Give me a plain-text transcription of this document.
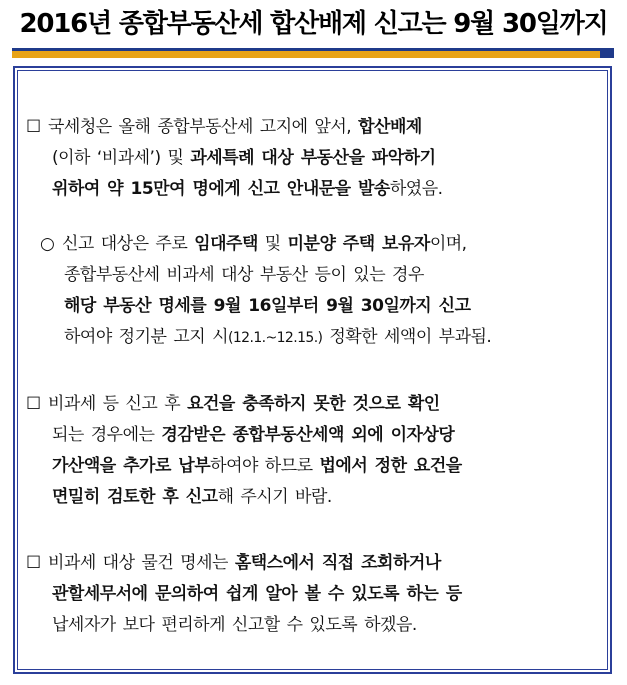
2016년 종합부동산세 합산배제 신고는 9월 30일까지
☐ 국세청은 올해 종합부동산세 고지에 앞서, 합산배제
(이하 ‘비과세’) 및 과세특례 대상 부동산을 파악하기
위하여 약 15만여 명에게 신고 안내문을 발송하였음.
○ 신고 대상은 주로 임대주택 및 미분양 주택 보유자이며,
종합부동산세 비과세 대상 부동산 등이 있는 경우
해당 부동산 명세를 9월 16일부터 9월 30일까지 신고
하여야 정기분 고지 시(12.1.~12.15.) 정확한 세액이 부과됨.
☐ 비과세 등 신고 후 요건을 충족하지 못한 것으로 확인
되는 경우에는 경감받은 종합부동산세액 외에 이자상당
가산액을 추가로 납부하여야 하므로 법에서 정한 요건을
면밀히 검토한 후 신고해 주시기 바람.
☐ 비과세 대상 물건 명세는 홈택스에서 직접 조회하거나
관할세무서에 문의하여 쉽게 알아 볼 수 있도록 하는 등
납세자가 보다 편리하게 신고할 수 있도록 하겠음.
